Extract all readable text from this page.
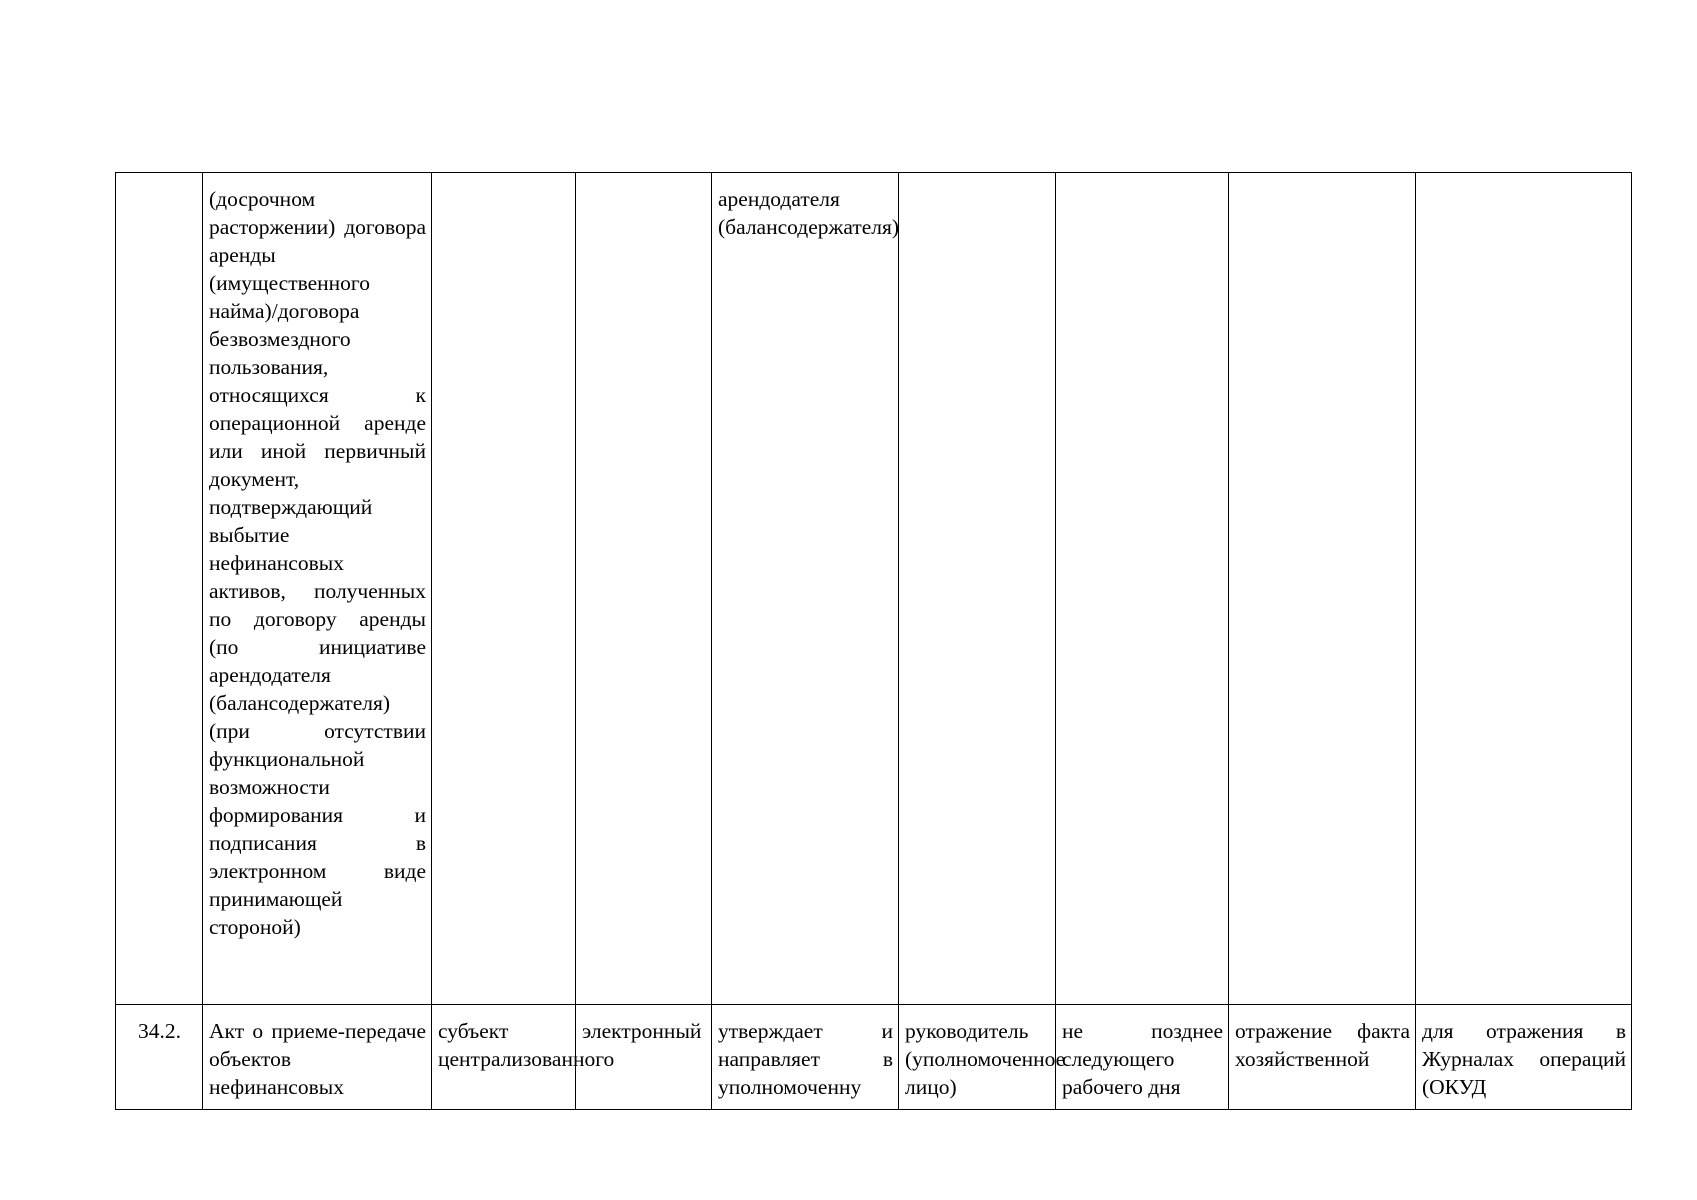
	(досрочном расторжении) договора аренды (имущественного найма)/договора безвозмездного пользования, относящихся к операционной аренде или иной первичный документ, подтверждающий выбытие нефинансовых активов, полученных по договору аренды (по инициативе арендодателя (балансодержателя) (при отсутствии функциональной возможности формирования и подписания в электронном виде принимающей стороной)			арендодателя (балансодержателя)				

34.2.	Акт о приеме-передаче объектов нефинансовых	субъект централизованного	электронный	утверждает и направляет в уполномоченну	руководитель (уполномоченное лицо)	не позднее следующего рабочего дня	отражение факта хозяйственной	для отражения в Журналах операций (ОКУД
